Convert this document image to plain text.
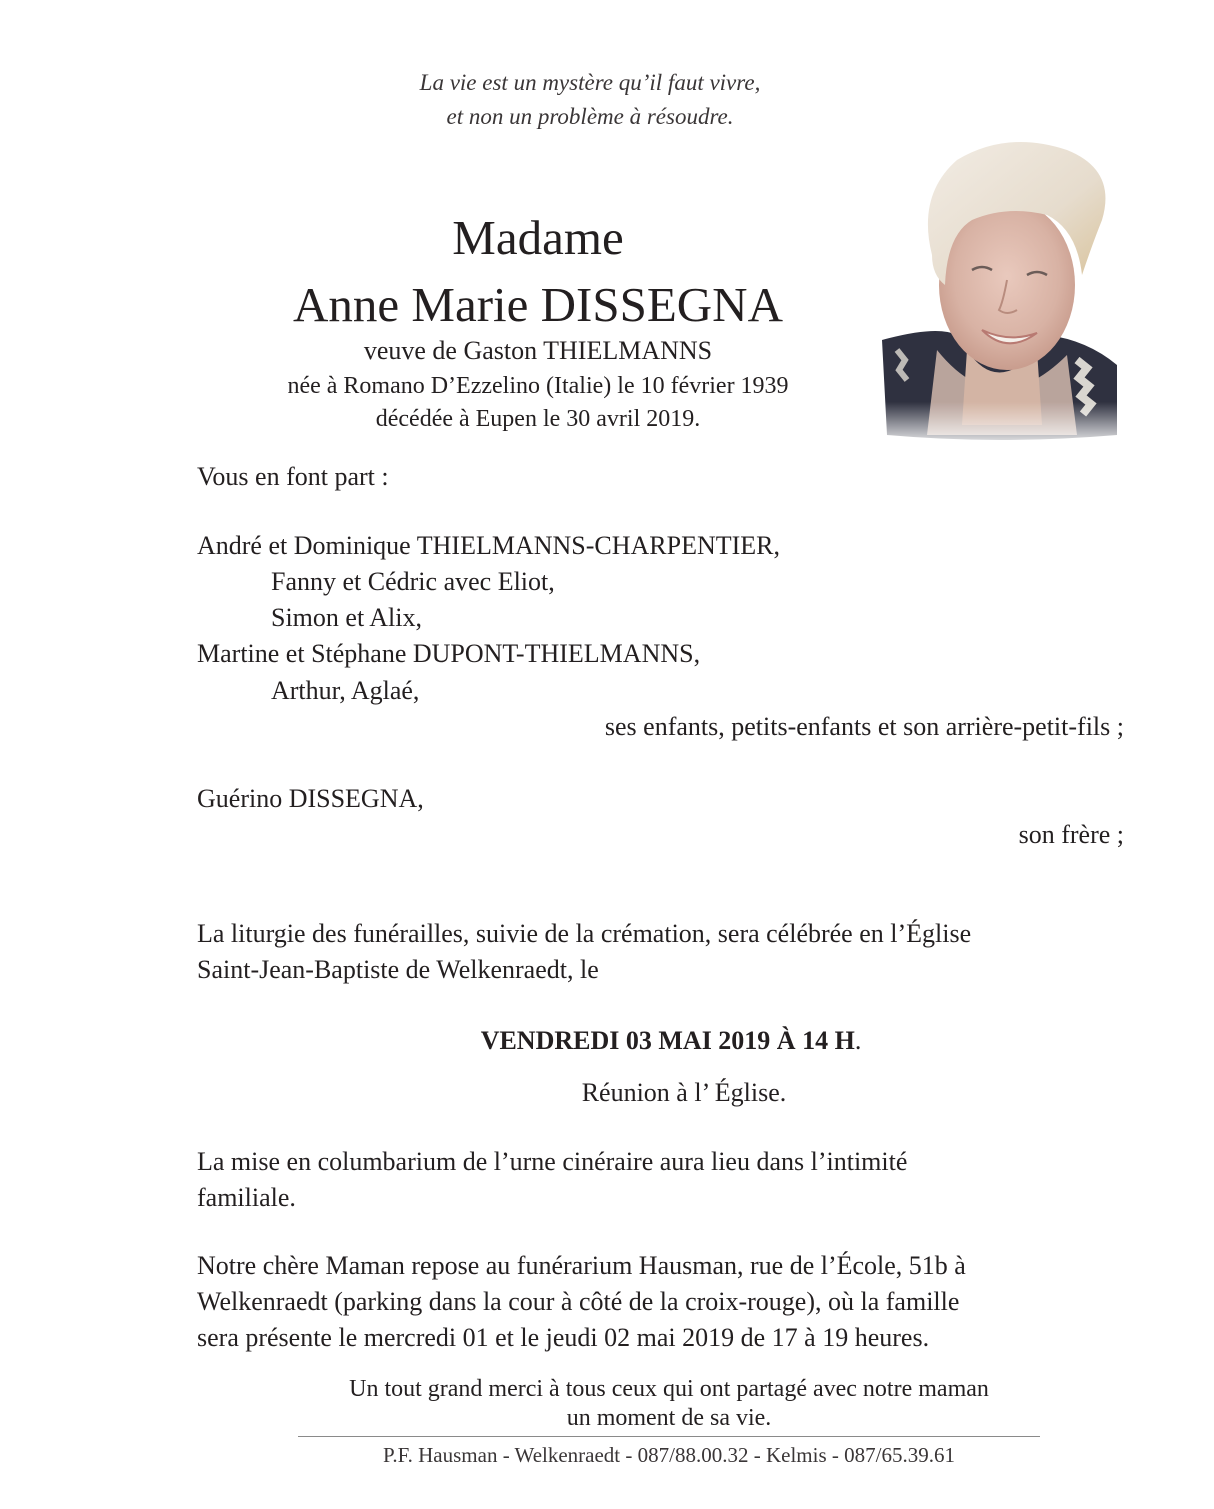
La vie est un mystère qu’il faut vivre,
et non un problème à résoudre.
Madame
Anne Marie DISSEGNA
veuve de Gaston THIELMANNS
née à Romano D’Ezzelino (Italie) le 10 février 1939
décédée à Eupen le 30 avril 2019.
Vous en font part :
André et Dominique THIELMANNS-CHARPENTIER,
Fanny et Cédric avec Eliot,
Simon et Alix,
Martine et Stéphane DUPONT-THIELMANNS,
Arthur, Aglaé,
ses enfants, petits-enfants et son arrière-petit-fils ;
Guérino DISSEGNA,
son frère ;
La liturgie des funérailles, suivie de la crémation, sera célébrée en l’Église
Saint-Jean-Baptiste de Welkenraedt, le
VENDREDI 03 MAI 2019 À 14 H.
Réunion à l’ Église.
La mise en columbarium de l’urne cinéraire aura lieu dans l’intimité
familiale.
Notre chère Maman repose au funérarium Hausman, rue de l’École, 51b à
Welkenraedt (parking dans la cour à côté de la croix-rouge), où la famille
sera présente le mercredi 01 et le jeudi 02 mai 2019 de 17 à 19 heures.
Un tout grand merci à tous ceux qui ont partagé avec notre maman
un moment de sa vie.
P.F. Hausman - Welkenraedt - 087/88.00.32 - Kelmis - 087/65.39.61
